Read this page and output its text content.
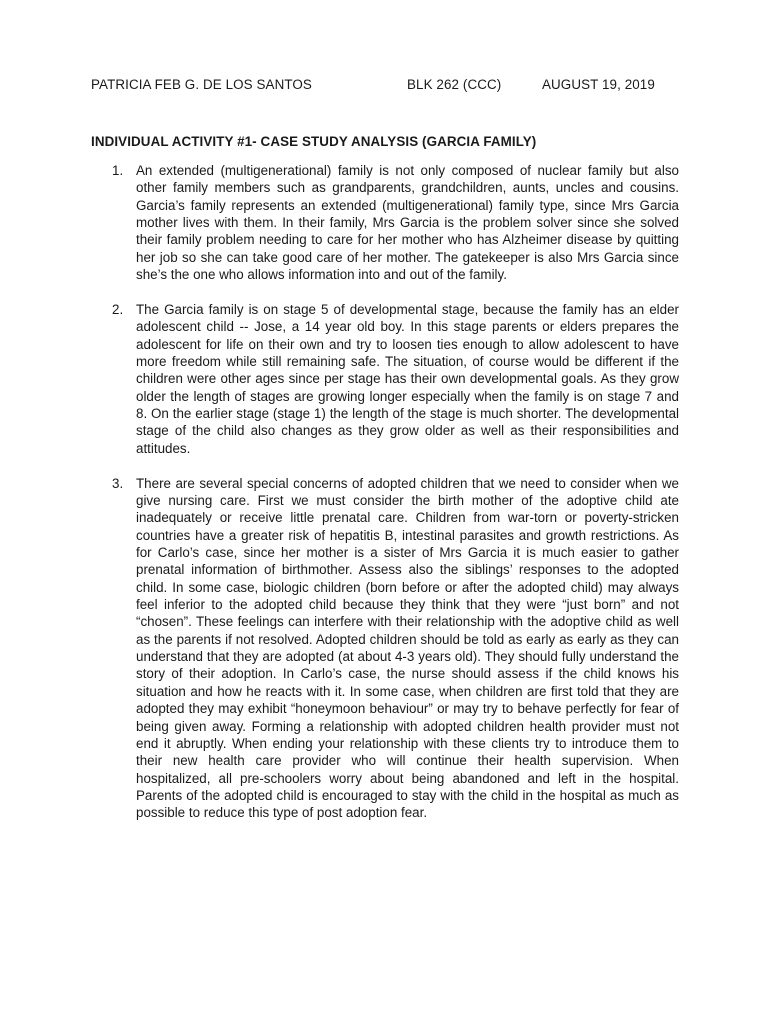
PATRICIA FEB G. DE LOS SANTOS	BLK 262 (CCC)	AUGUST 19, 2019
INDIVIDUAL ACTIVITY #1- CASE STUDY ANALYSIS (GARCIA FAMILY)
1. An extended (multigenerational) family is not only composed of nuclear family but also other family members such as grandparents, grandchildren, aunts, uncles and cousins. Garcia’s family represents an extended (multigenerational) family type, since Mrs Garcia mother lives with them. In their family, Mrs Garcia is the problem solver since she solved their family problem needing to care for her mother who has Alzheimer disease by quitting her job so she can take good care of her mother. The gatekeeper is also Mrs Garcia since she’s the one who allows information into and out of the family.
2. The Garcia family is on stage 5 of developmental stage, because the family has an elder adolescent child -- Jose, a 14 year old boy. In this stage parents or elders prepares the adolescent for life on their own and try to loosen ties enough to allow adolescent to have more freedom while still remaining safe. The situation, of course would be different if the children were other ages since per stage has their own developmental goals. As they grow older the length of stages are growing longer especially when the family is on stage 7 and 8. On the earlier stage (stage 1) the length of the stage is much shorter. The developmental stage of the child also changes as they grow older as well as their responsibilities and attitudes.
3. There are several special concerns of adopted children that we need to consider when we give nursing care. First we must consider the birth mother of the adoptive child ate inadequately or receive little prenatal care. Children from war-torn or poverty-stricken countries have a greater risk of hepatitis B, intestinal parasites and growth restrictions. As for Carlo’s case, since her mother is a sister of Mrs Garcia it is much easier to gather prenatal information of birthmother. Assess also the siblings’ responses to the adopted child. In some case, biologic children (born before or after the adopted child) may always feel inferior to the adopted child because they think that they were “just born” and not “chosen”. These feelings can interfere with their relationship with the adoptive child as well as the parents if not resolved. Adopted children should be told as early as early as they can understand that they are adopted (at about 4-3 years old). They should fully understand the story of their adoption. In Carlo’s case, the nurse should assess if the child knows his situation and how he reacts with it. In some case, when children are first told that they are adopted they may exhibit “honeymoon behaviour” or may try to behave perfectly for fear of being given away. Forming a relationship with adopted children health provider must not end it abruptly. When ending your relationship with these clients try to introduce them to their new health care provider who will continue their health supervision. When hospitalized, all pre-schoolers worry about being abandoned and left in the hospital. Parents of the adopted child is encouraged to stay with the child in the hospital as much as possible to reduce this type of post adoption fear.
